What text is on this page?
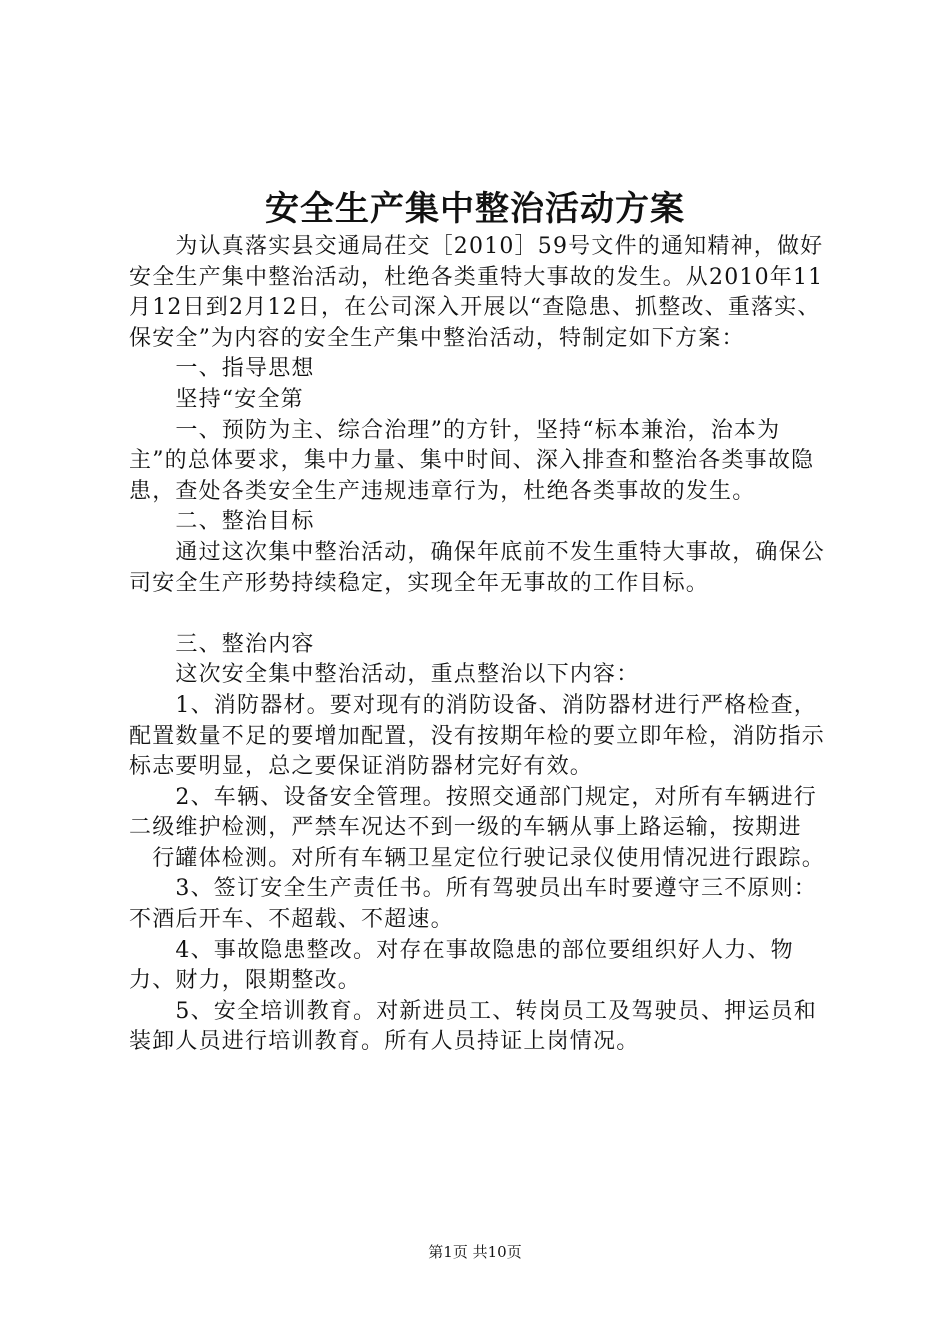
安全生产集中整治活动方案

　　为认真落实县交通局茌交［2010］59号文件的通知精神，做好安全生产集中整治活动，杜绝各类重特大事故的发生。从2010年11月12日到2月12日，在公司深入开展以“查隐患、抓整改、重落实、保安全”为内容的安全生产集中整治活动，特制定如下方案：

　　一、指导思想

　　坚持“安全第

　　一、预防为主、综合治理”的方针，坚持“标本兼治，治本为主”的总体要求，集中力量、集中时间、深入排查和整治各类事故隐患，查处各类安全生产违规违章行为，杜绝各类事故的发生。

　　二、整治目标

　　通过这次集中整治活动，确保年底前不发生重特大事故，确保公司安全生产形势持续稳定，实现全年无事故的工作目标。

　　三、整治内容

　　这次安全集中整治活动，重点整治以下内容：

　　1、消防器材。要对现有的消防设备、消防器材进行严格检查，配置数量不足的要增加配置，没有按期年检的要立即年检，消防指示标志要明显，总之要保证消防器材完好有效。

　　2、车辆、设备安全管理。按照交通部门规定，对所有车辆进行二级维护检测，严禁车况达不到一级的车辆从事上路运输，按期进

　行罐体检测。对所有车辆卫星定位行驶记录仪使用情况进行跟踪。

　　3、签订安全生产责任书。所有驾驶员出车时要遵守三不原则：不酒后开车、不超载、不超速。

　　4、事故隐患整改。对存在事故隐患的部位要组织好人力、物力、财力，限期整改。

　　5、安全培训教育。对新进员工、转岗员工及驾驶员、押运员和装卸人员进行培训教育。所有人员持证上岗情况。

第1页 共10页
